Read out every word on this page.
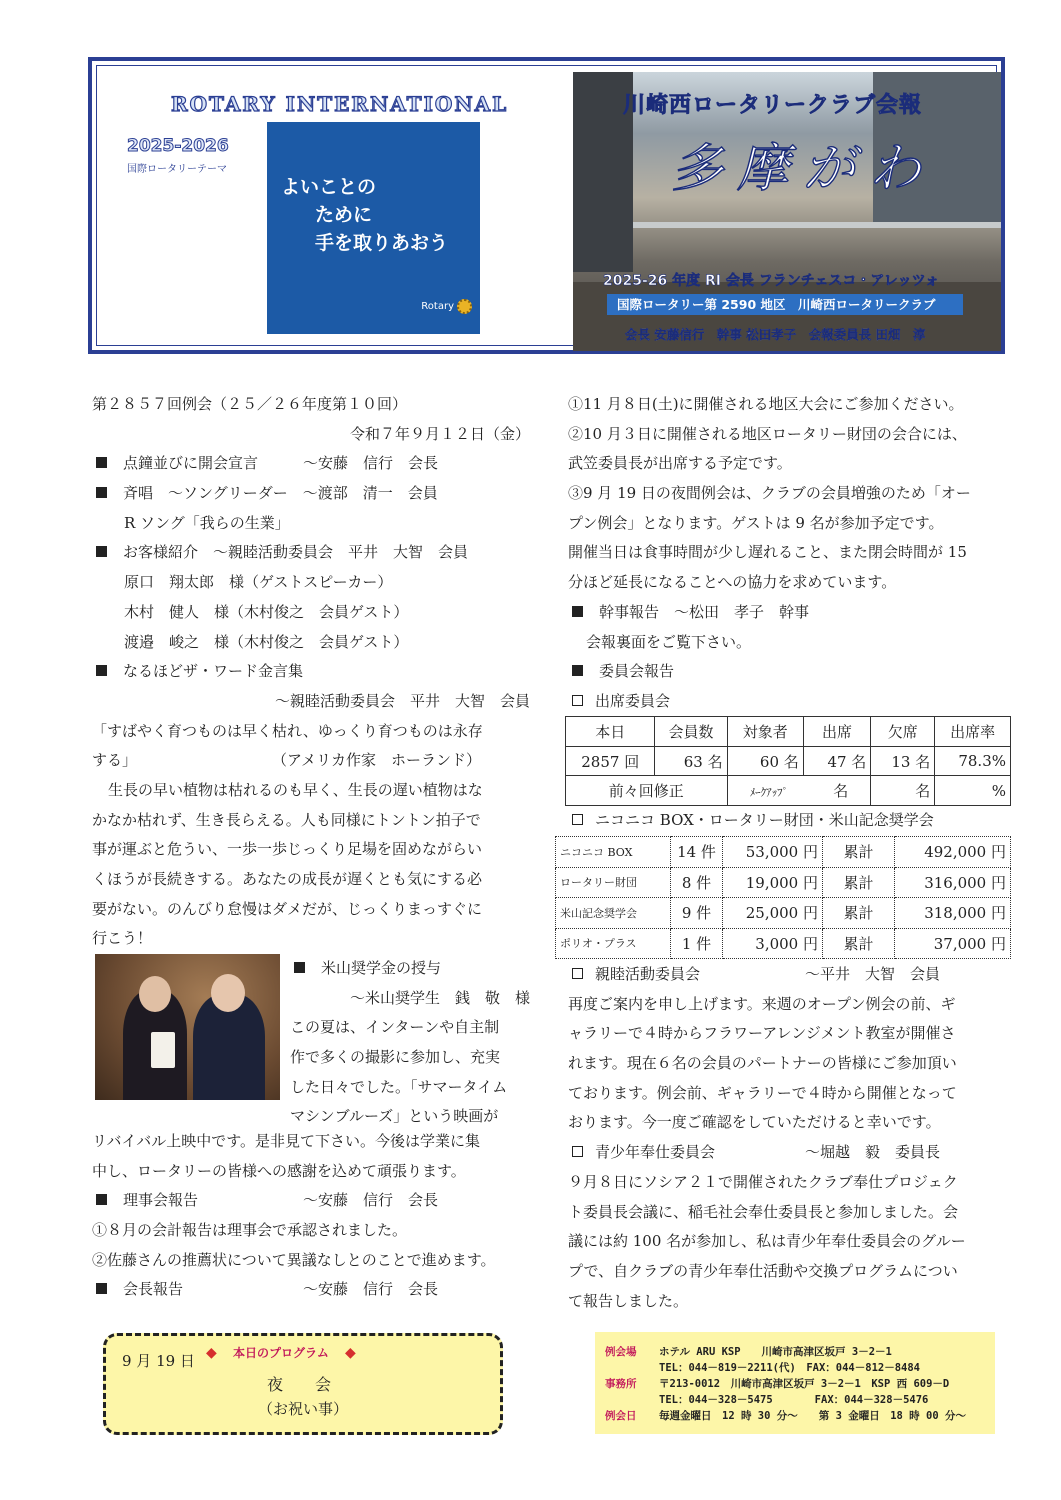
ROTARY INTERNATIONAL
2025-2026
国際ロータリーテーマ
よいことの
ために
手を取りあおう
Rotary
川崎西ロータリークラブ会報
多摩がわ
2025-26 年度 RI 会長 フランチェスコ・アレッツォ
国際ロータリー第 2590 地区　川崎西ロータリークラブ
会長 安藤信行　幹事 松田孝子　会報委員長 田畑　淳
第２８５７回例会（２５／２６年度第１０回）
令和７年９月１２日（金）
点鐘並びに開会宣言　　　～安藤　信行　会長
斉唱　～ソングリーダー　～渡部　清一　会員
R ソング「我らの生業」
お客様紹介　～親睦活動委員会　平井　大智　会員
原口　翔太郎　様（ゲストスピーカー）
木村　健人　様（木村俊之　会員ゲスト）
渡邉　峻之　様（木村俊之　会員ゲスト）
なるほどザ・ワード金言集
～親睦活動委員会　平井　大智　会員
「すばやく育つものは早く枯れ、ゆっくり育つものは永存
する」　　　　　　　　　　（アメリカ作家　ホーランド）
生長の早い植物は枯れるのも早く、生長の遅い植物はな
かなか枯れず、生き長らえる。人も同様にトントン拍子で
事が運ぶと危うい、一歩一歩じっくり足場を固めながらい
くほうが長続きする。あなたの成長が遅くとも気にする必
要がない。のんびり怠慢はダメだが、じっくりまっすぐに
行こう！
米山奨学金の授与
～米山奨学生　銭　敬　様
この夏は、インターンや自主制
作で多くの撮影に参加し、充実
した日々でした。「サマータイム
マシンブルーズ」という映画が
リバイバル上映中です。是非見て下さい。今後は学業に集
中し、ロータリーの皆様への感謝を込めて頑張ります。
理事会報告　　　　　　　～安藤　信行　会長
①８月の会計報告は理事会で承認されました。
②佐藤さんの推薦状について異議なしとのことで進めます。
会長報告　　　　　　　　～安藤　信行　会長
①11 月８日(土)に開催される地区大会にご参加ください。
②10 月３日に開催される地区ロータリー財団の会合には、
武笠委員長が出席する予定です。
③9 月 19 日の夜間例会は、クラブの会員増強のため「オー
プン例会」となります。ゲストは 9 名が参加予定です。
開催当日は食事時間が少し遅れること、また閉会時間が 15
分ほど延長になることへの協力を求めています。
幹事報告　～松田　孝子　幹事
会報裏面をご覧下さい。
委員会報告
出席委員会
本日	会員数	対象者	出席	欠席	出席率
2857 回	63 名	60 名	47 名	13 名	78.3%
前々回修正		ﾒｰｸｱｯﾌﾟ　　　 名		名	%
ニコニコ BOX・ロータリー財団・米山記念奨学会
ニコニコ BOX	14 件	53,000 円	累計	492,000 円
ロータリー財団	8 件	19,000 円	累計	316,000 円
米山記念奨学会	9 件	25,000 円	累計	318,000 円
ポリオ・プラス	1 件	3,000 円	累計	37,000 円
親睦活動委員会　　　　　　　～平井　大智　会員
再度ご案内を申し上げます。来週のオープン例会の前、ギ
ャラリーで４時からフラワーアレンジメント教室が開催さ
れます。現在６名の会員のパートナーの皆様にご参加頂い
ております。例会前、ギャラリーで４時から開催となって
おります。今一度ご確認をしていただけると幸いです。
青少年奉仕委員会　　　　　　～堀越　毅　委員長
９月８日にソシア２１で開催されたクラブ奉仕プロジェク
ト委員長会議に、稲毛社会奉仕委員長と参加しました。会
議には約 100 名が参加し、私は青少年奉仕委員会のグルー
プで、自クラブの青少年奉仕活動や交換プログラムについ
て報告しました。
9 月 19 日 ◆ 　 本日のプログラム　 ◆
夜　会
（お祝い事）
例会場 ホテル ARU KSP　　川崎市高津区坂戸 3－2－1
TEL：044－819－2211(代)　FAX：044－812－8484
事務所 〒213-0012　川崎市高津区坂戸 3－2－1　KSP 西 609－D
TEL：044－328－5475　　　　FAX：044－328－5476
例会日 毎週金曜日　12 時 30 分～　　第 3 金曜日　18 時 00 分～
